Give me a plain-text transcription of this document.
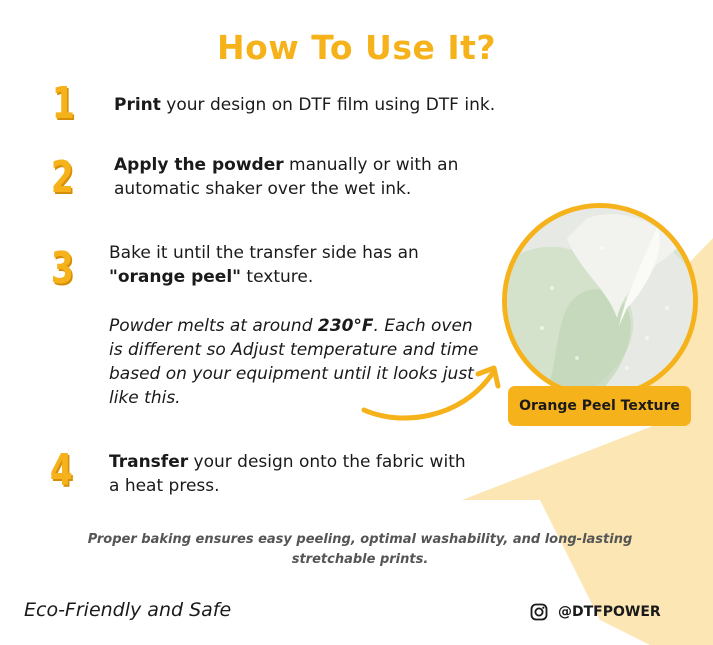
How To Use It?
1 Print your design on DTF film using DTF ink.
2 Apply the powder manually or with an automatic shaker over the wet ink.
3 Bake it until the transfer side has an "orange peel" texture.
Powder melts at around 230°F. Each oven is different so Adjust temperature and time based on your equipment until it looks just like this.
4 Transfer your design onto the fabric with a heat press.
Orange Peel Texture
Proper baking ensures easy peeling, optimal washability, and long-lasting stretchable prints.
Eco-Friendly and Safe	@DTFPOWER
